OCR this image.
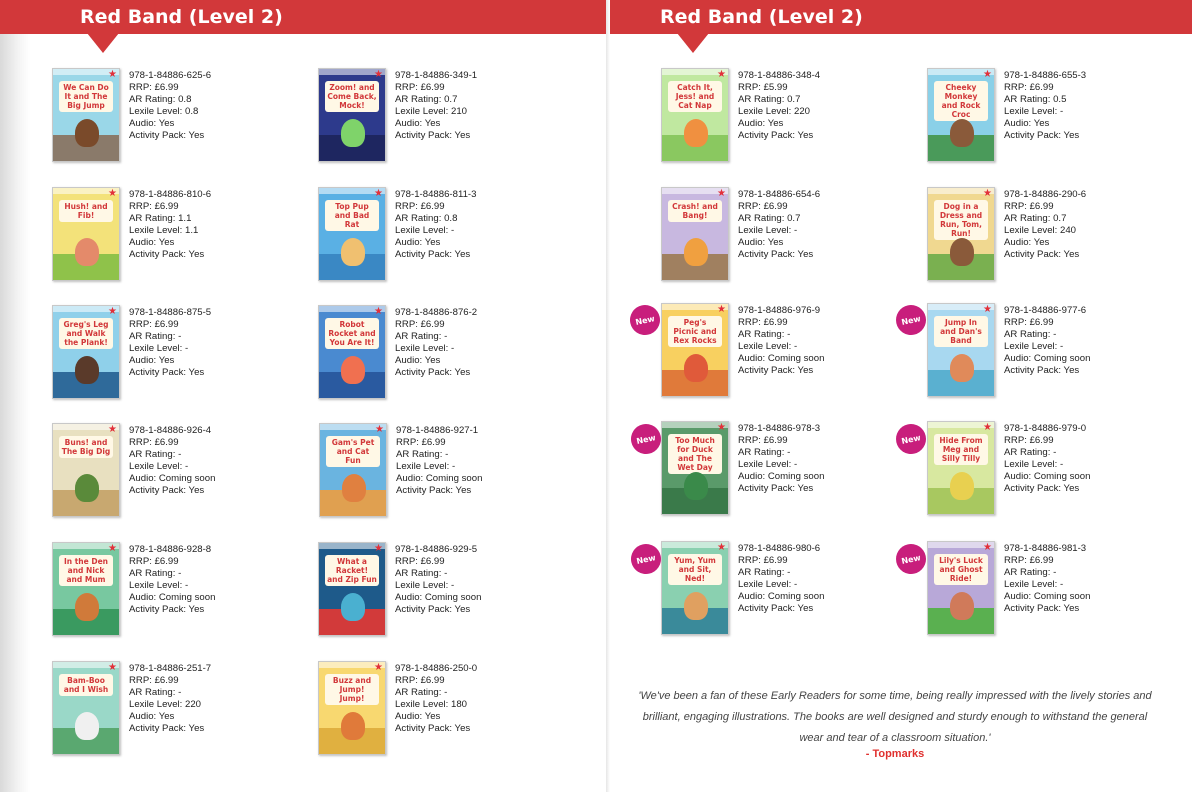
Red Band (Level 2)	Red Band (Level 2)
★
We Can Do It and The Big Jump
978-1-84886-625-6
RRP: £6.99
AR Rating: 0.8
Lexile Level: 0.8
Audio: Yes
Activity Pack: Yes
★
Zoom! and Come Back, Mock!
978-1-84886-349-1
RRP: £6.99
AR Rating: 0.7
Lexile Level: 210
Audio: Yes
Activity Pack: Yes
★
Hush! and Fib!
978-1-84886-810-6
RRP: £6.99
AR Rating: 1.1
Lexile Level: 1.1
Audio: Yes
Activity Pack: Yes
★
Top Pup and Bad Rat
978-1-84886-811-3
RRP: £6.99
AR Rating: 0.8
Lexile Level: -
Audio: Yes
Activity Pack: Yes
★
Greg's Leg and Walk the Plank!
978-1-84886-875-5
RRP: £6.99
AR Rating: -
Lexile Level: -
Audio: Yes
Activity Pack: Yes
★
Robot Rocket and You Are It!
978-1-84886-876-2
RRP: £6.99
AR Rating: -
Lexile Level: -
Audio: Yes
Activity Pack: Yes
★
Buns! and The Big Dig
978-1-84886-926-4
RRP: £6.99
AR Rating: -
Lexile Level: -
Audio: Coming soon
Activity Pack: Yes
★
Gam's Pet and Cat Fun
978-1-84886-927-1
RRP: £6.99
AR Rating: -
Lexile Level: -
Audio: Coming soon
Activity Pack: Yes
★
In the Den and Nick and Mum
978-1-84886-928-8
RRP: £6.99
AR Rating: -
Lexile Level: -
Audio: Coming soon
Activity Pack: Yes
★
What a Racket! and Zip Fun
978-1-84886-929-5
RRP: £6.99
AR Rating: -
Lexile Level: -
Audio: Coming soon
Activity Pack: Yes
★
Bam-Boo and I Wish
978-1-84886-251-7
RRP: £6.99
AR Rating: -
Lexile Level: 220
Audio: Yes
Activity Pack: Yes
★
Buzz and Jump! Jump!
978-1-84886-250-0
RRP: £6.99
AR Rating: -
Lexile Level: 180
Audio: Yes
Activity Pack: Yes
★
Catch It, Jess! and Cat Nap
978-1-84886-348-4
RRP: £5.99
AR Rating: 0.7
Lexile Level: 220
Audio: Yes
Activity Pack: Yes
★
Cheeky Monkey and Rock Croc
978-1-84886-655-3
RRP: £6.99
AR Rating: 0.5
Lexile Level: -
Audio: Yes
Activity Pack: Yes
★
Crash! and Bang!
978-1-84886-654-6
RRP: £6.99
AR Rating: 0.7
Lexile Level: -
Audio: Yes
Activity Pack: Yes
★
Dog in a Dress and Run, Tom, Run!
978-1-84886-290-6
RRP: £6.99
AR Rating: 0.7
Lexile Level: 240
Audio: Yes
Activity Pack: Yes
★
Peg's Picnic and Rex Rocks
978-1-84886-976-9
RRP: £6.99
AR Rating: -
Lexile Level: -
Audio: Coming soon
Activity Pack: Yes
New
★
Jump In and Dan's Band
978-1-84886-977-6
RRP: £6.99
AR Rating: -
Lexile Level: -
Audio: Coming soon
Activity Pack: Yes
New
★
Too Much for Duck and The Wet Day
978-1-84886-978-3
RRP: £6.99
AR Rating: -
Lexile Level: -
Audio: Coming soon
Activity Pack: Yes
New
★
Hide From Meg and Silly Tilly
978-1-84886-979-0
RRP: £6.99
AR Rating: -
Lexile Level: -
Audio: Coming soon
Activity Pack: Yes
New
★
Yum, Yum and Sit, Ned!
978-1-84886-980-6
RRP: £6.99
AR Rating: -
Lexile Level: -
Audio: Coming soon
Activity Pack: Yes
New
★
Lily's Luck and Ghost Ride!
978-1-84886-981-3
RRP: £6.99
AR Rating: -
Lexile Level: -
Audio: Coming soon
Activity Pack: Yes
New
'We've been a fan of these Early Readers for some time, being really impressed with the lively stories and brilliant, engaging illustrations. The books are well designed and sturdy enough to withstand the general wear and tear of a classroom situation.'
- Topmarks
